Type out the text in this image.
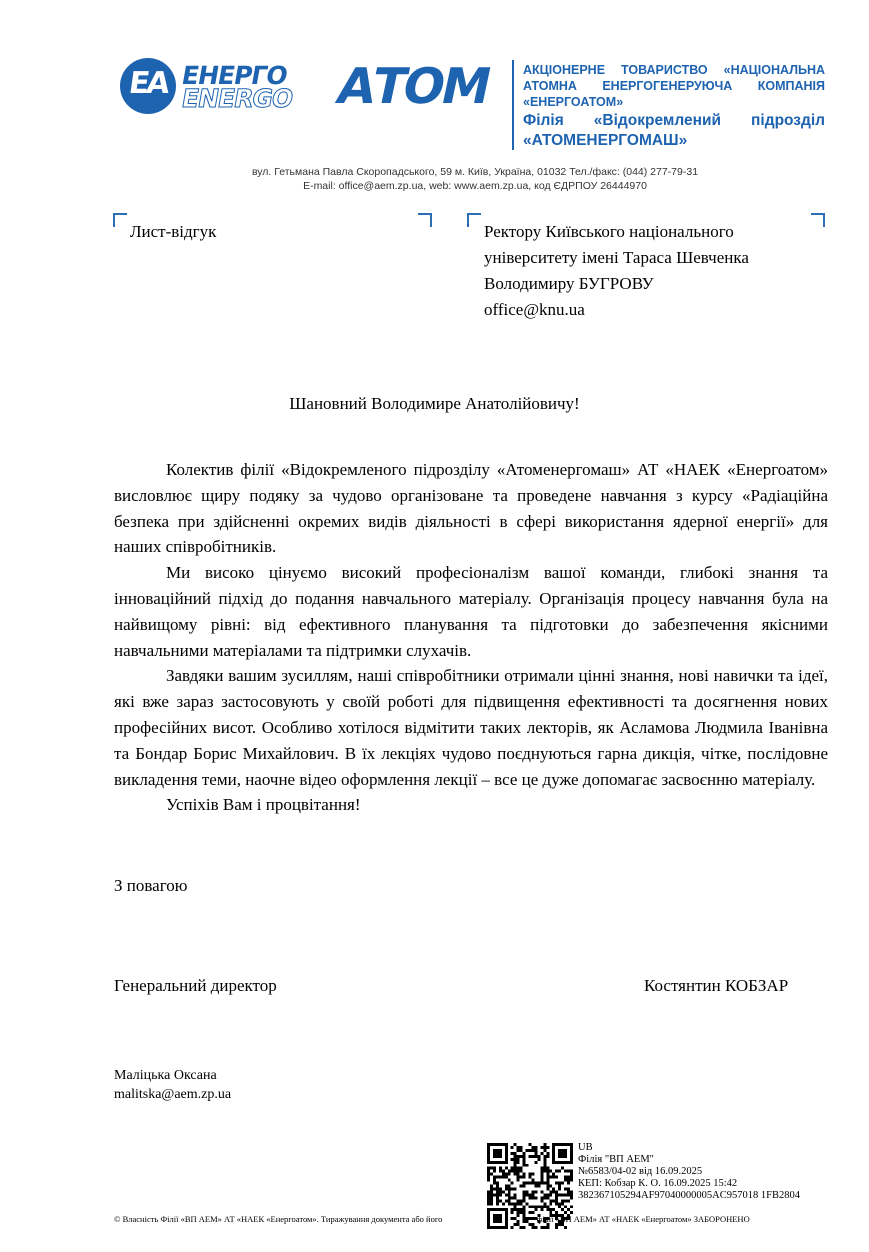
EA ENERGO
ЕНЕРГО АТОМ АКЦІОНЕРНЕ ТОВАРИСТВО «НАЦІОНАЛЬНА
АТОМНА ЕНЕРГОГЕНЕРУЮЧА КОМПАНІЯ
«ЕНЕРГОАТОМ»
Філія «Відокремлений підрозділ
«АТОМЕНЕРГОМАШ»
вул. Гетьмана Павла Скоропадського, 59 м. Київ, Україна, 01032 Тел./факс: (044) 277-79-31
E-mail: office@aem.zp.ua, web: www.aem.zp.ua, код ЄДРПОУ 26444970
Лист-відгук	Ректору Київського національного
університету імені Тараса Шевченка
Володимиру БУГРОВУ
office@knu.ua
Шановний Володимире Анатолійовичу!

Колектив філії «Відокремленого підрозділу «Атоменергомаш» АТ «НАЕК «Енергоатом» висловлює щиру подяку за чудово організоване та проведене навчання з курсу «Радіаційна безпека при здійсненні окремих видів діяльності в сфері використання ядерної енергії» для наших співробітників.

Ми високо цінуємо високий професіоналізм вашої команди, глибокі знання та інноваційний підхід до подання навчального матеріалу. Організація процесу навчання була на найвищому рівні: від ефективного планування та підготовки до забезпечення якісними навчальними матеріалами та підтримки слухачів.

Завдяки вашим зусиллям, наші співробітники отримали цінні знання, нові навички та ідеї, які вже зараз застосовують у своїй роботі для підвищення ефективності та досягнення нових професійних висот. Особливо хотілося відмітити таких лекторів, як Асламова Людмила Іванівна та Бондар Борис Михайлович. В їх лекціях чудово поєднуються гарна дикція, чітке, послідовне викладення теми, наочне відео оформлення лекції – все це дуже допомагає засвоєнню матеріалу.

Успіхів Вам і процвітання!

З повагою
Генеральний директор	Костянтин КОБЗАР
Маліцька Оксана
malitska@aem.zp.ua
UB
Філія "ВП АЕМ"
№6583/04-02 від 16.09.2025
КЕП: Кобзар К. О. 16.09.2025 15:42
382367105294AF97040000005AC957018 1FB2804
© Власність Філії «ВП АЕМ» АТ «НАЕК «Енергоатом». Тиражування документа або його	філії «ВП АЕМ» АТ «НАЕК «Енергоатом» ЗАБОРОНЕНО
